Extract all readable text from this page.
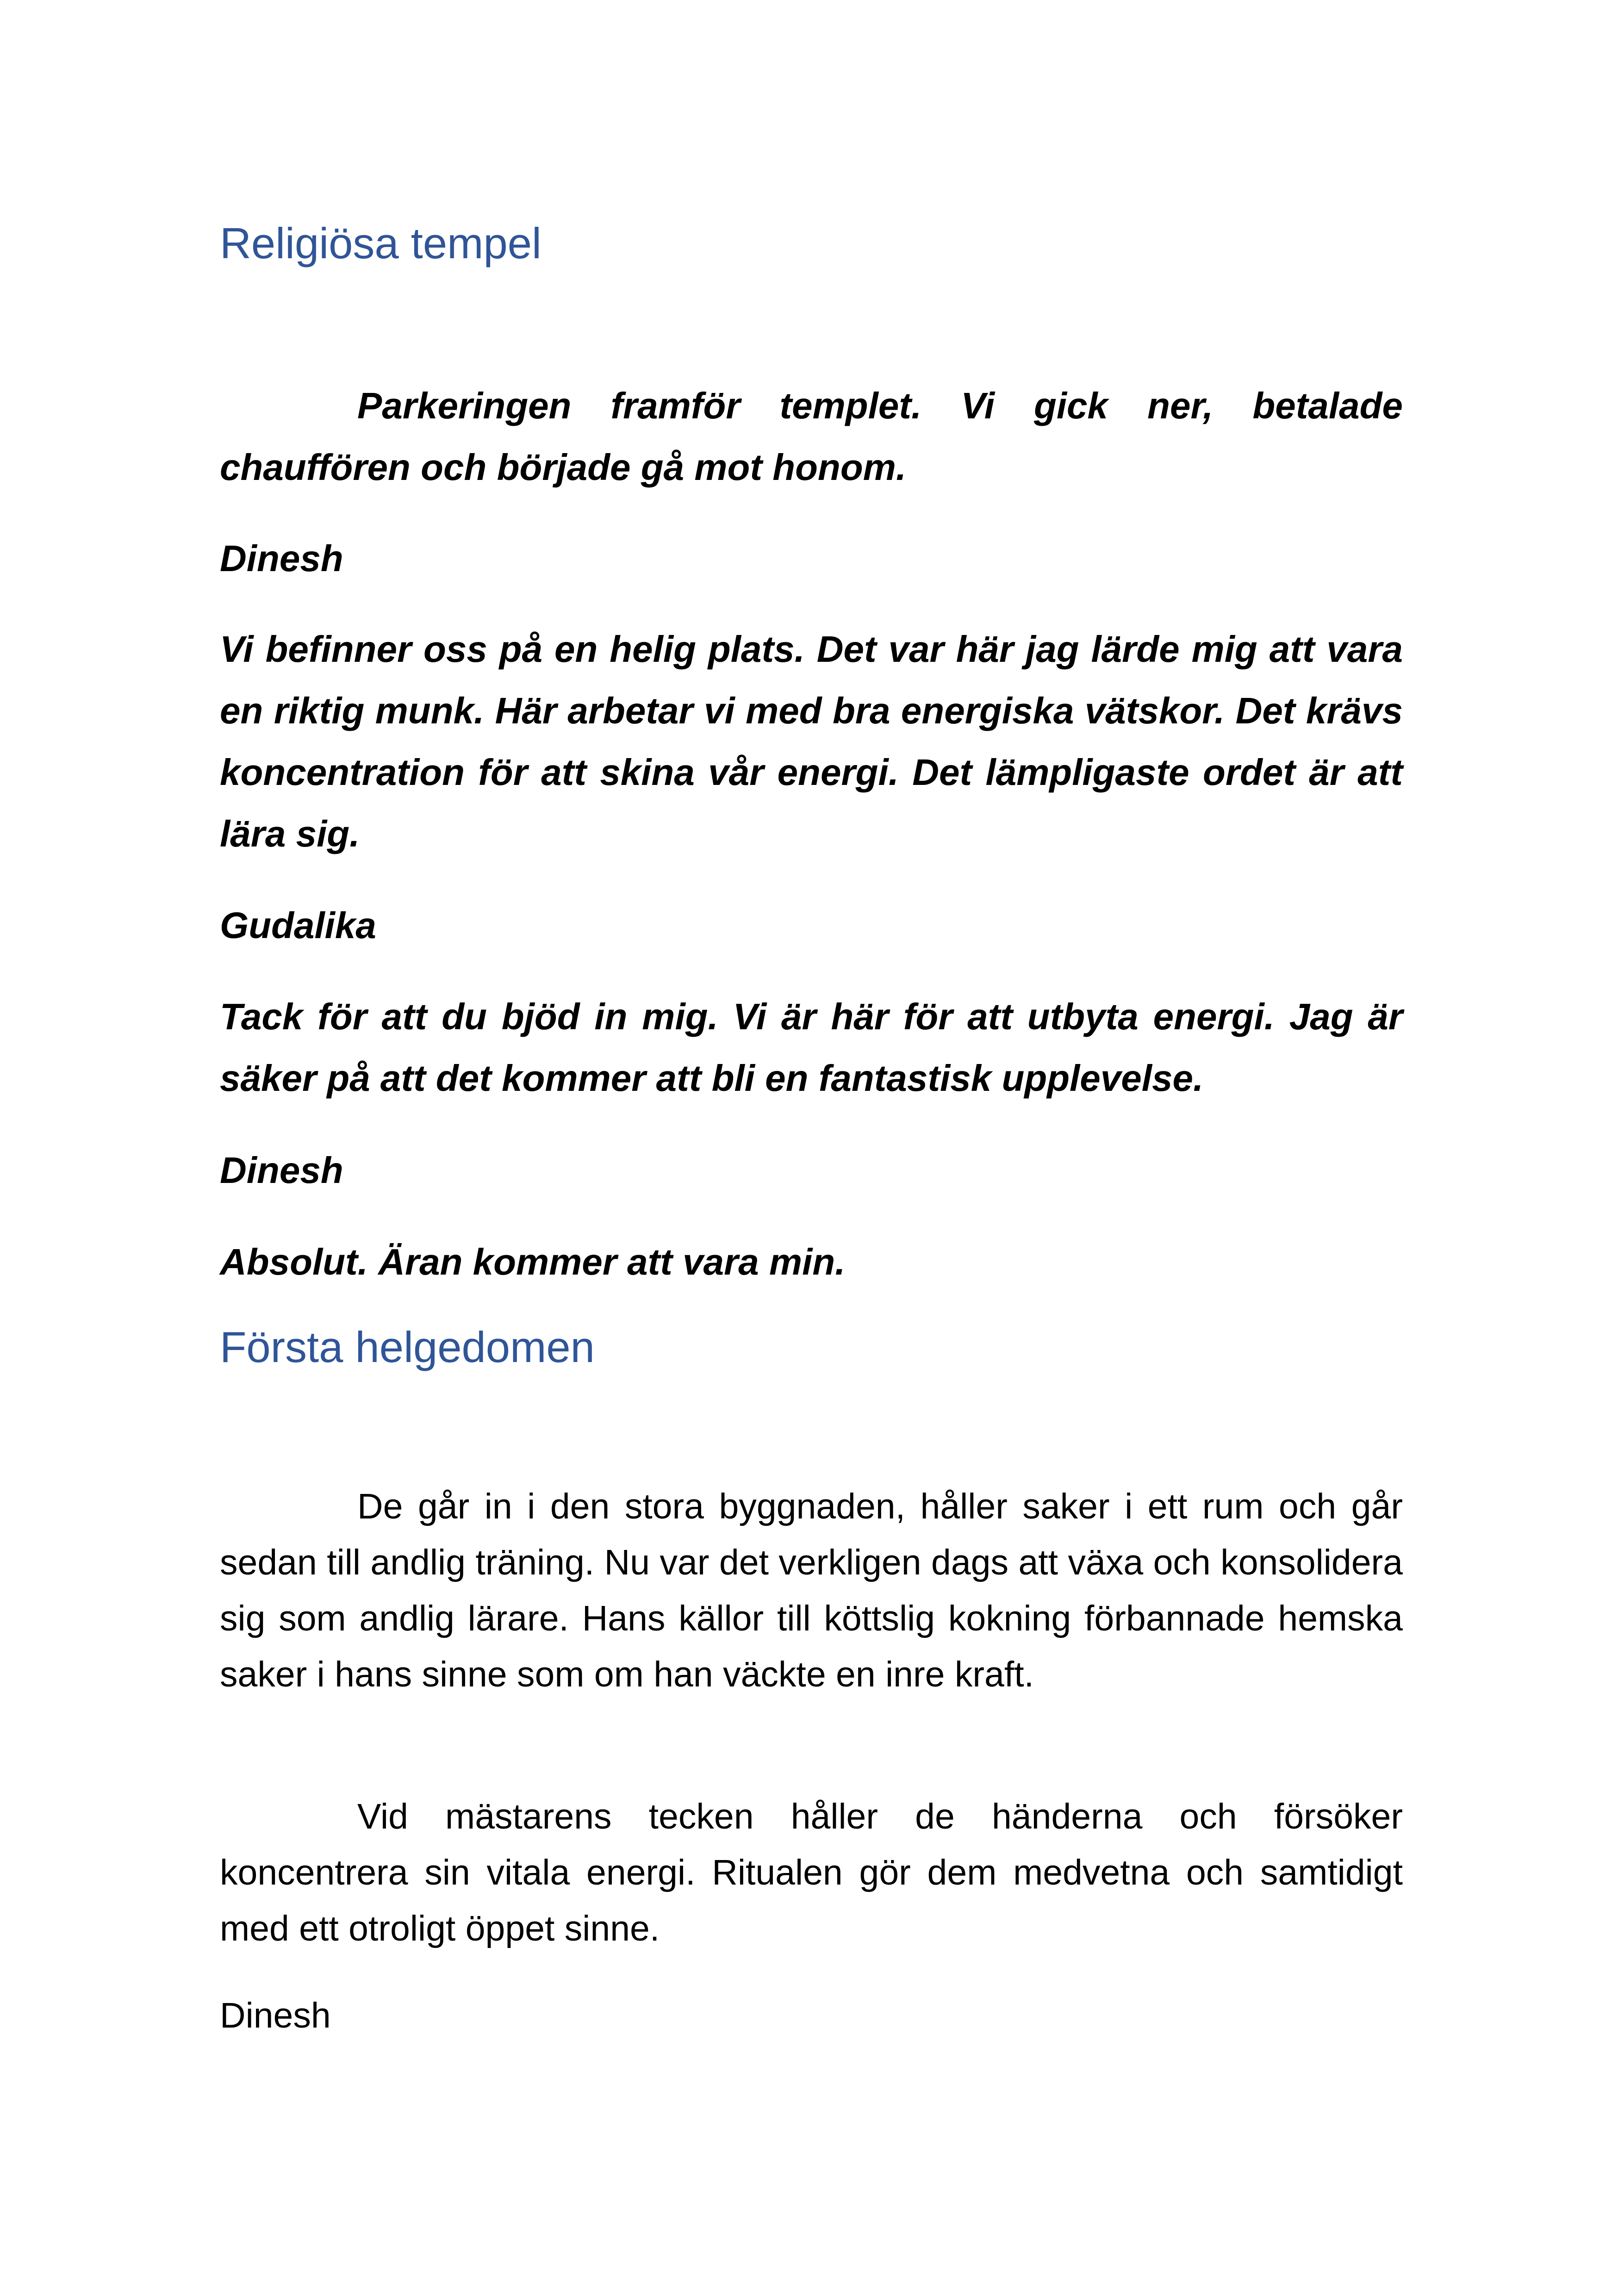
Religiösa tempel

Parkeringen framför templet. Vi gick ner, betalade chauffören och började gå mot honom.

Dinesh

Vi befinner oss på en helig plats. Det var här jag lärde mig att vara en riktig munk. Här arbetar vi med bra energiska vätskor. Det krävs koncentration för att skina vår energi. Det lämpligaste ordet är att lära sig.

Gudalika

Tack för att du bjöd in mig. Vi är här för att utbyta energi. Jag är säker på att det kommer att bli en fantastisk upplevelse.

Dinesh

Absolut. Äran kommer att vara min.

Första helgedomen

De går in i den stora byggnaden, håller saker i ett rum och går sedan till andlig träning. Nu var det verkligen dags att växa och konsolidera sig som andlig lärare. Hans källor till köttslig kokning förbannade hemska saker i hans sinne som om han väckte en inre kraft.

Vid mästarens tecken håller de händerna och försöker koncentrera sin vitala energi. Ritualen gör dem medvetna och samtidigt med ett otroligt öppet sinne.

Dinesh
